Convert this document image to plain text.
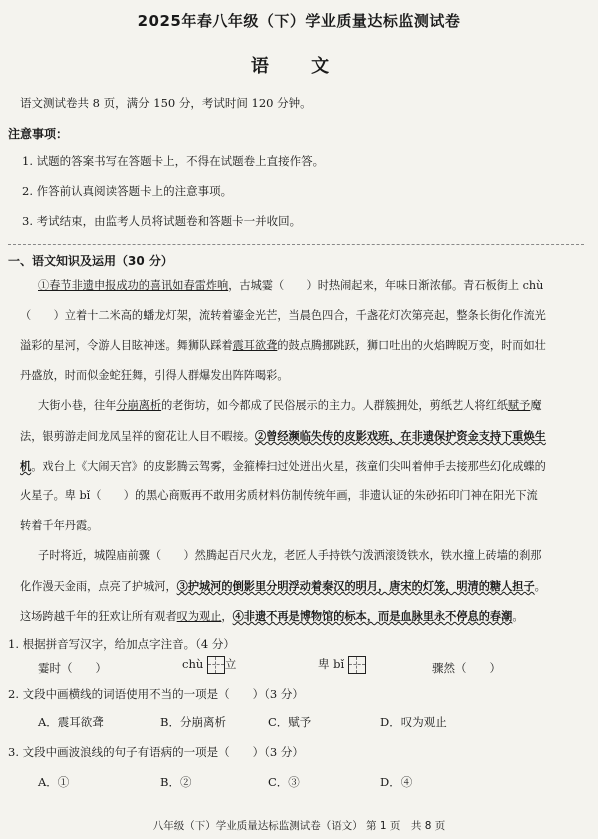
2025年春八年级（下）学业质量达标监测试卷
语 文
语文测试卷共 8 页，满分 150 分，考试时间 120 分钟。
注意事项：
1. 试题的答案书写在答题卡上，不得在试题卷上直接作答。
2. 作答前认真阅读答题卡上的注意事项。
3. 考试结束，由监考人员将试题卷和答题卡一并收回。
一、语文知识及运用（30 分）
①春节非遗申报成功的喜讯如春雷炸响，古城霎（　　）时热闹起来，年味日渐浓郁。青石板街上 chù
（　　）立着十二米高的蟠龙灯架，流转着鎏金光芒，当晨色四合，千盏花灯次第亮起，整条长街化作流光
溢彩的星河，令游人目眩神迷。舞狮队踩着震耳欲聋的鼓点腾挪跳跃，狮口吐出的火焰睥睨万变，时而如壮
丹盛放，时而似金蛇狂舞，引得人群爆发出阵阵喝彩。
大街小巷，往年分崩离析的老街坊，如今都成了民俗展示的主力。人群簇拥处，剪纸艺人将红纸赋予魔
法，银剪游走间龙凤呈祥的窗花让人目不暇接。②曾经濒临失传的皮影戏班，在非遗保护资金支持下重焕生
机。戏台上《大闹天宫》的皮影腾云驾雾，金箍棒扫过处迸出火星，孩童们尖叫着伸手去接那些幻化成蝶的
火星子。卑 bǐ（　　）的黑心商贩再不敢用劣质材料仿制传统年画，非遗认证的朱砂拓印门神在阳光下流
转着千年丹霞。
子时将近，城隍庙前骤（　　）然腾起百尺火龙，老匠人手持铁勺泼洒滚烫铁水，铁水撞上砖墙的刹那
化作漫天金雨，点亮了护城河，③护城河的倒影里分明浮动着秦汉的明月，唐宋的灯笼，明清的糖人担子。
这场跨越千年的狂欢让所有观者叹为观止，④非遗不再是博物馆的标本，而是血脉里永不停息的春潮。
1. 根据拼音写汉字，给加点字注音。（4 分）
霎时（　　）	chù 立	卑 bǐ	骤然（　　）
2. 文段中画横线的词语使用不当的一项是（　　）（3 分）
A．震耳欲聋	B．分崩离析	C．赋予	D．叹为观止
3. 文段中画波浪线的句子有语病的一项是（　　）（3 分）
A．①	B．②	C．③	D．④
八年级（下）学业质量达标监测试卷（语文） 第 1 页　共 8 页
